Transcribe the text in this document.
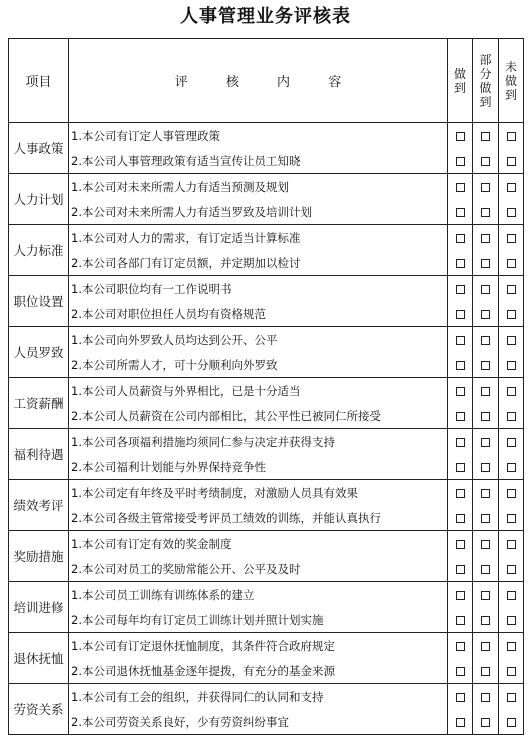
人事管理业务评核表
项目	评 核 内 容	做到	部分做到	未做到
人事政策	1.本公司有订定人事管理政策			
	2.本公司人事管理政策有适当宣传让员工知晓			
人力计划	1.本公司对未来所需人力有适当预测及规划			
	2.本公司对未来所需人力有适当罗致及培训计划			
人力标准	1.本公司对人力的需求，有订定适当计算标准			
	2.本公司各部门有订定员额，并定期加以检讨			
职位设置	1.本公司职位均有一工作说明书			
	2.本公司对职位担任人员均有资格规范			
人员罗致	1.本公司向外罗致人员均达到公开、公平			
	2.本公司所需人才，可十分顺利向外罗致			
工资薪酬	1.本公司人员薪资与外界相比，已是十分适当			
	2.本公司人员薪资在公司内部相比，其公平性已被同仁所接受			
福利待遇	1.本公司各项福利措施均须同仁参与决定并获得支持			
	2.本公司福利计划能与外界保持竞争性			
绩效考评	1.本公司定有年终及平时考绩制度，对激励人员具有效果			
	2.本公司各级主管常接受考评员工绩效的训练，并能认真执行			
奖励措施	1.本公司有订定有效的奖金制度			
	2.本公司对员工的奖励常能公开、公平及及时			
培训进修	1.本公司员工训练有训练体系的建立			
	2.本公司每年均有订定员工训练计划并照计划实施			
退休抚恤	1.本公司有订定退休抚恤制度，其条件符合政府规定			
	2.本公司退休抚恤基金逐年提拨，有充分的基金来源			
劳资关系	1.本公司有工会的组织，并获得同仁的认同和支持			
	2.本公司劳资关系良好，少有劳资纠纷事宜			
